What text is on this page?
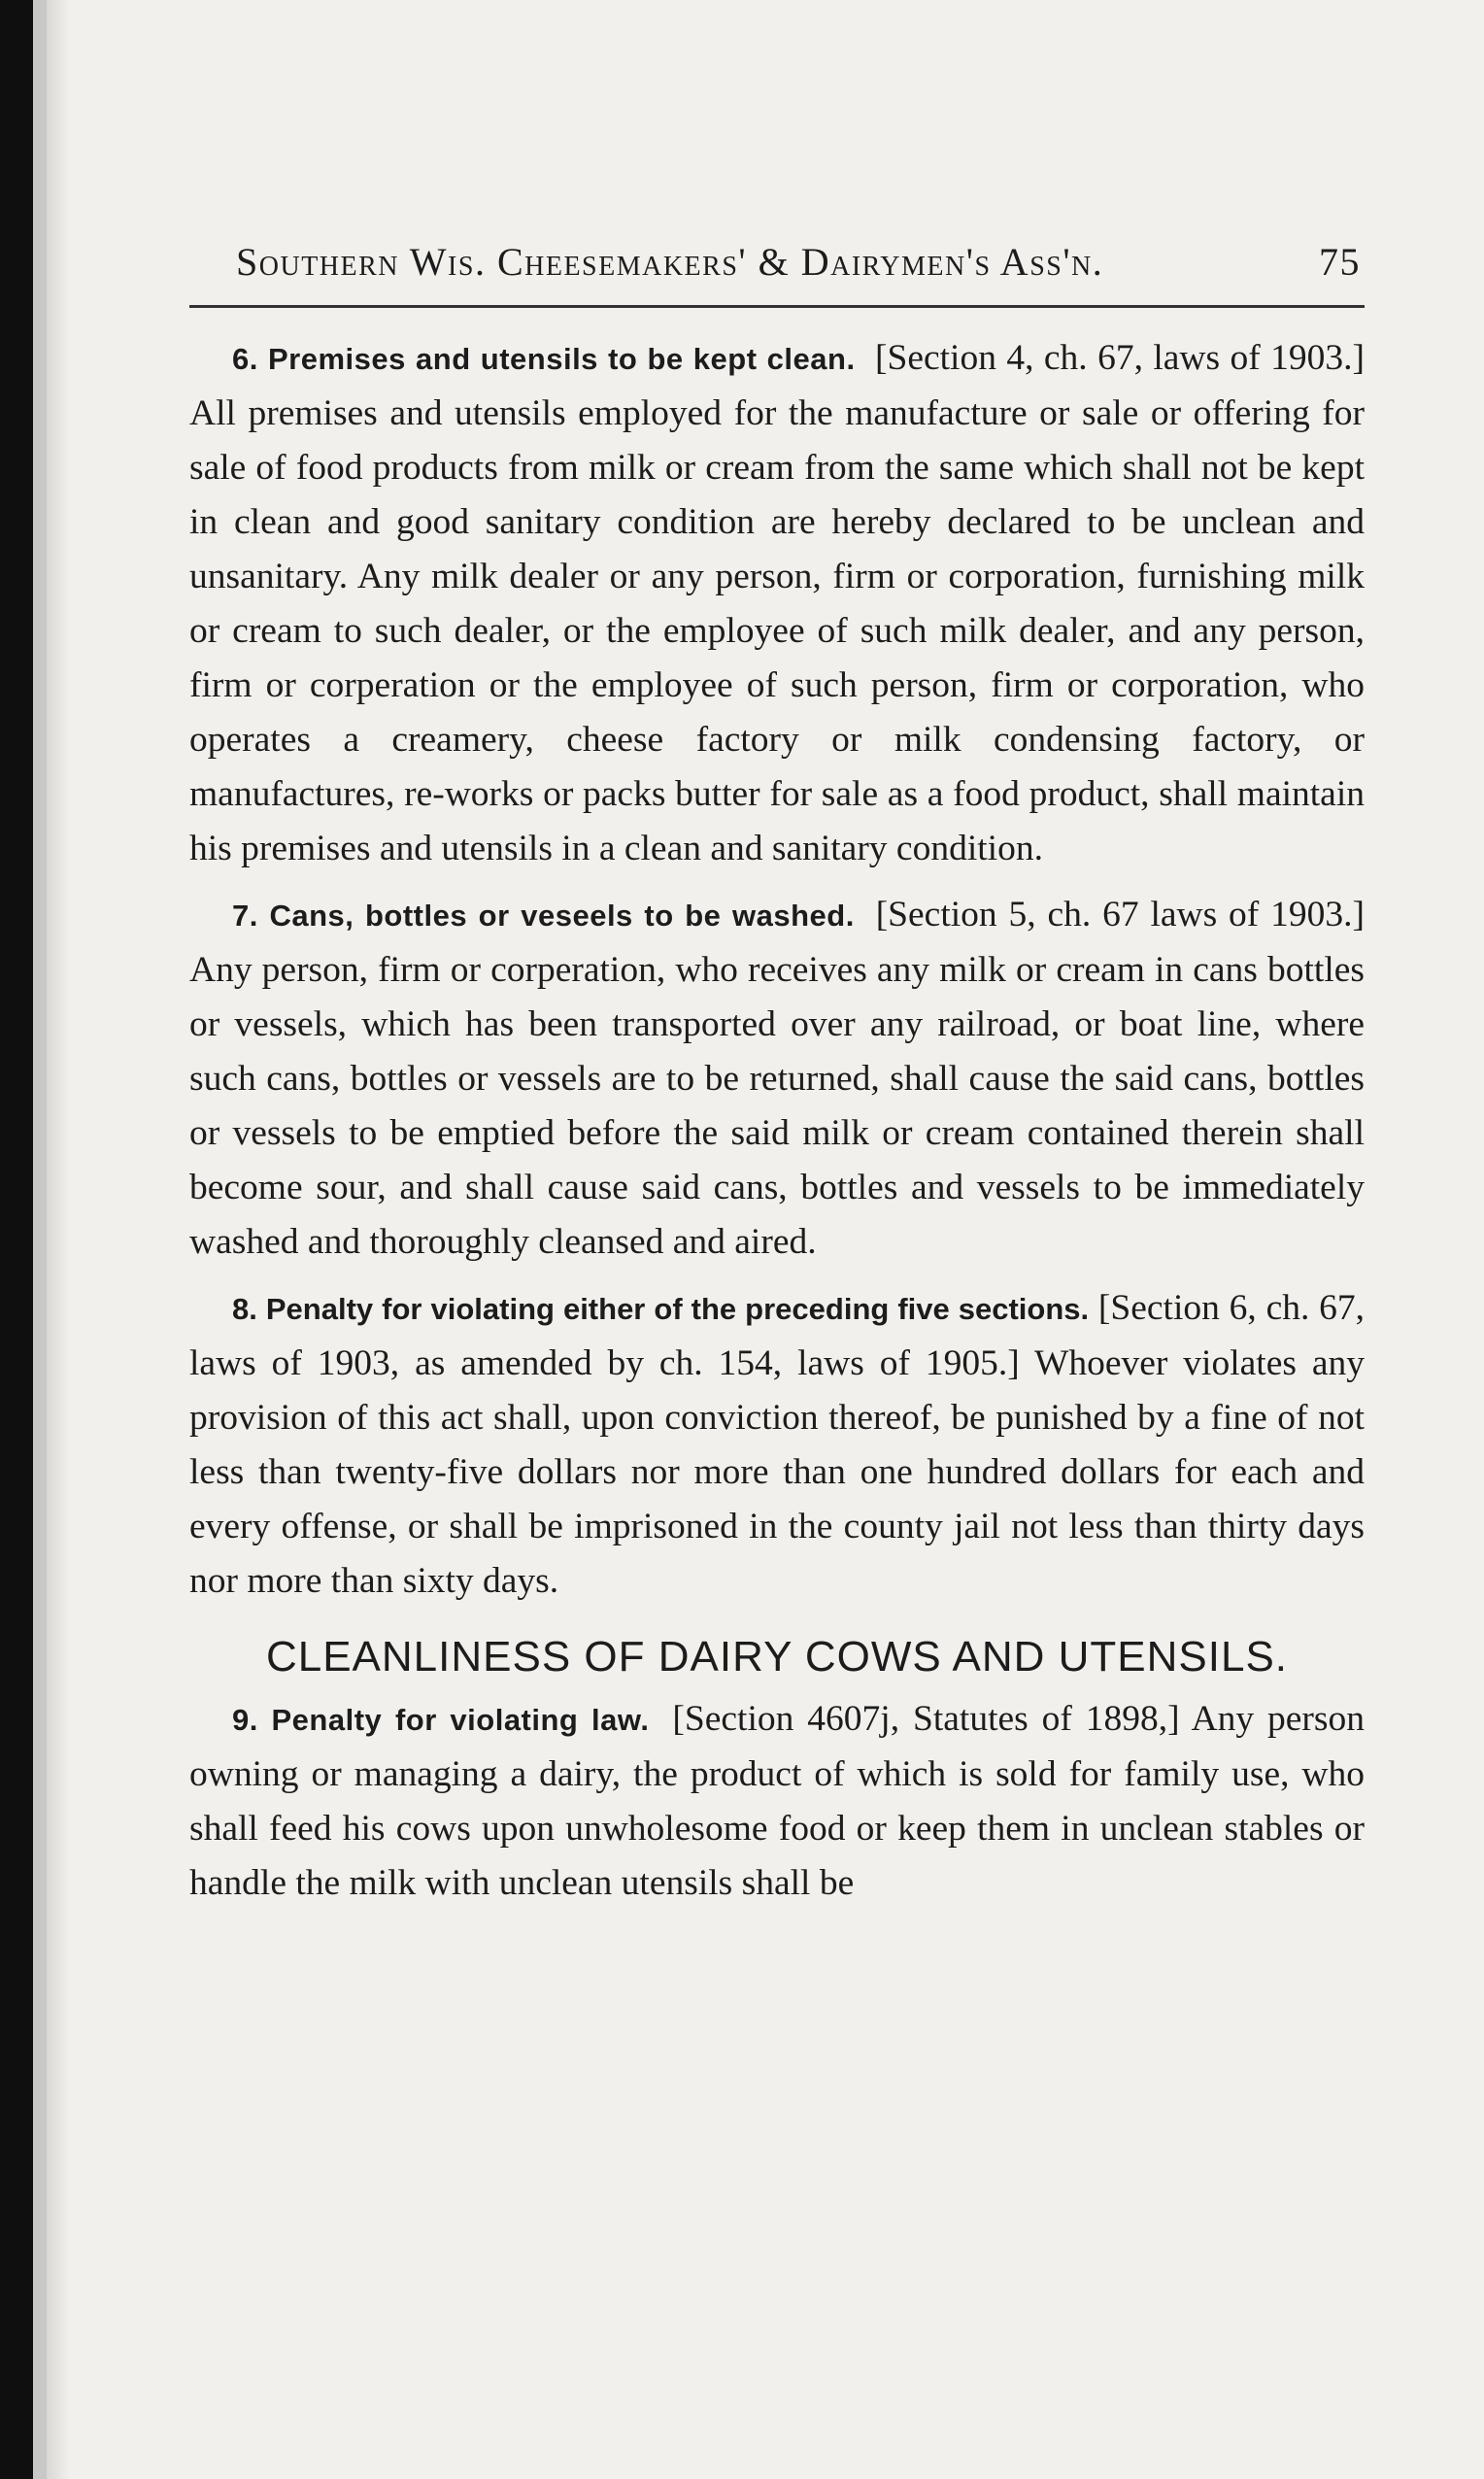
Southern Wis. Cheesemakers' & Dairymen's Ass'n.	75

6. Premises and utensils to be kept clean. [Section 4, ch. 67, laws of 1903.] All premises and utensils employed for the manufacture or sale or offering for sale of food products from milk or cream from the same which shall not be kept in clean and good sanitary condition are hereby declared to be unclean and unsanitary. Any milk dealer or any person, firm or corporation, furnishing milk or cream to such dealer, or the employee of such milk dealer, and any person, firm or corperation or the employee of such person, firm or corporation, who operates a creamery, cheese factory or milk condensing factory, or manufactures, re-works or packs butter for sale as a food product, shall maintain his premises and utensils in a clean and sanitary condition.

7. Cans, bottles or veseels to be washed. [Section 5, ch. 67 laws of 1903.] Any person, firm or corperation, who receives any milk or cream in cans bottles or vessels, which has been transported over any railroad, or boat line, where such cans, bottles or vessels are to be returned, shall cause the said cans, bottles or vessels to be emptied before the said milk or cream contained therein shall become sour, and shall cause said cans, bottles and vessels to be immediately washed and thoroughly cleansed and aired.

8. Penalty for violating either of the preceding five sections. [Section 6, ch. 67, laws of 1903, as amended by ch. 154, laws of 1905.] Whoever violates any provision of this act shall, upon conviction thereof, be punished by a fine of not less than twenty-five dollars nor more than one hundred dollars for each and every offense, or shall be imprisoned in the county jail not less than thirty days nor more than sixty days.

CLEANLINESS OF DAIRY COWS AND UTENSILS.

9. Penalty for violating law. [Section 4607j, Statutes of 1898,] Any person owning or managing a dairy, the product of which is sold for family use, who shall feed his cows upon unwholesome food or keep them in unclean stables or handle the milk with unclean utensils shall be
